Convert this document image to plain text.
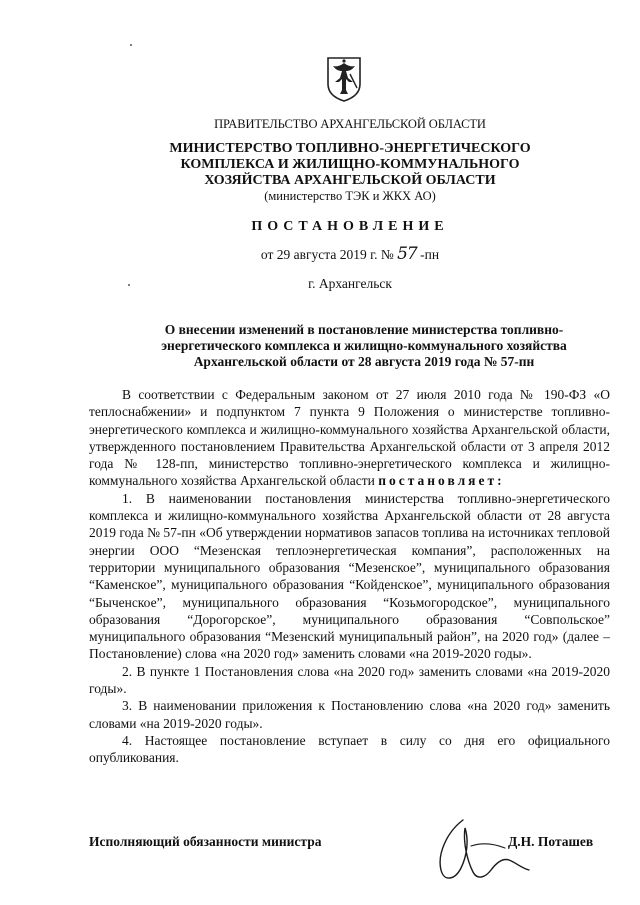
ПРАВИТЕЛЬСТВО АРХАНГЕЛЬСКОЙ ОБЛАСТИ
МИНИСТЕРСТВО ТОПЛИВНО-ЭНЕРГЕТИЧЕСКОГО
КОМПЛЕКСА И ЖИЛИЩНО-КОММУНАЛЬНОГО
ХОЗЯЙСТВА АРХАНГЕЛЬСКОЙ ОБЛАСТИ
(министерство ТЭК и ЖКХ АО)
ПОСТАНОВЛЕНИЕ
от 29 августа 2019 г. № 57 -пн
г. Архангельск
О внесении изменений в постановление министерства топливно-
энергетического комплекса и жилищно-коммунального хозяйства
Архангельской области от 28 августа 2019 года № 57-пн
В соответствии с Федеральным законом от 27 июля 2010 года № 190-ФЗ «О теплоснабжении» и подпунктом 7 пункта 9 Положения о министерстве топливно-энергетического комплекса и жилищно-коммунального хозяйства Архангельской области, утвержденного постановлением Правительства Архангельской области от 3 апреля 2012 года № 128-пп, министерство топливно-энергетического комплекса и жилищно-коммунального хозяйства Архангельской области постановляет:
1. В наименовании постановления министерства топливно-энергетического комплекса и жилищно-коммунального хозяйства Архангельской области от 28 августа 2019 года № 57-пн «Об утверждении нормативов запасов топлива на источниках тепловой энергии ООО “Мезенская теплоэнергетическая компания”, расположенных на территории муниципального образования “Мезенское”, муниципального образования “Каменское”, муниципального образования “Койденское”, муниципального образования “Быченское”, муниципального образования “Козьмогородское”, муниципального образования “Дорогорское”, муниципального образования “Совпольское” муниципального образования “Мезенский муниципальный район”, на 2020 год» (далее – Постановление) слова «на 2020 год» заменить словами «на 2019-2020 годы».
2. В пункте 1 Постановления слова «на 2020 год» заменить словами «на 2019-2020 годы».
3. В наименовании приложения к Постановлению слова «на 2020 год» заменить словами «на 2019-2020 годы».
4. Настоящее постановление вступает в силу со дня его официального опубликования.
Исполняющий обязанности министра	Д.Н. Поташев
